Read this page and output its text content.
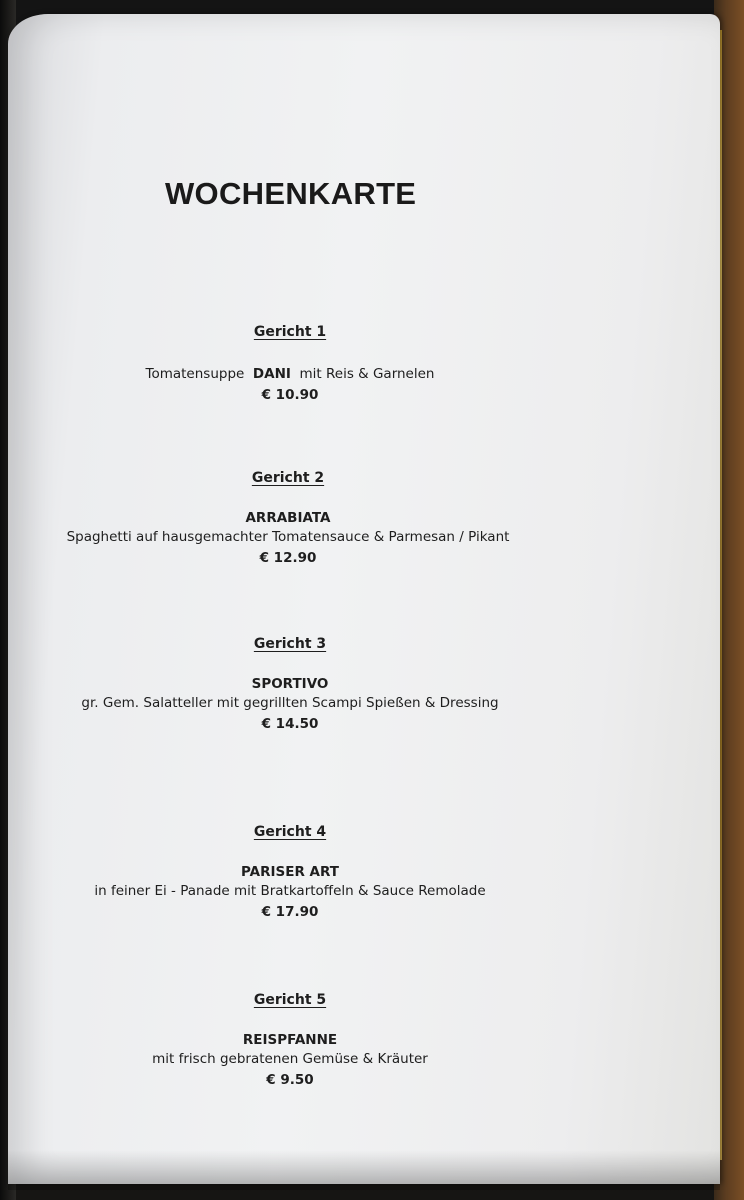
WOCHENKARTE
Gericht 1
Tomatensuppe DANI mit Reis & Garnelen
€ 10.90
Gericht 2
ARRABIATA
Spaghetti auf hausgemachter Tomatensauce & Parmesan / Pikant
€ 12.90
Gericht 3
SPORTIVO
gr. Gem. Salatteller mit gegrillten Scampi Spießen & Dressing
€ 14.50
Gericht 4
PARISER ART
in feiner Ei - Panade mit Bratkartoffeln & Sauce Remolade
€ 17.90
Gericht 5
REISPFANNE
mit frisch gebratenen Gemüse & Kräuter
€ 9.50
